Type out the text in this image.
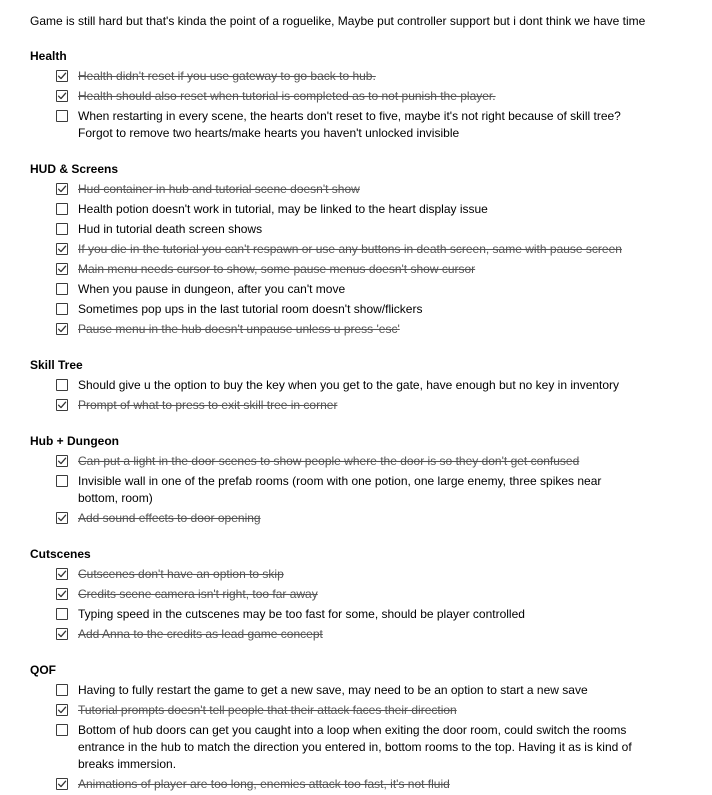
Game is still hard but that's kinda the point of a roguelike, Maybe put controller support but i dont think we have time
Health
Health didn't reset if you use gateway to go back to hub.
Health should also reset when tutorial is completed as to not punish the player.
When restarting in every scene, the hearts don't reset to five, maybe it's not right because of skill tree? Forgot to remove two hearts/make hearts you haven't unlocked invisible
HUD & Screens
Hud container in hub and tutorial scene doesn't show
Health potion doesn't work in tutorial, may be linked to the heart display issue
Hud in tutorial death screen shows
If you die in the tutorial you can't respawn or use any buttons in death screen, same with pause screen
Main menu needs cursor to show, some pause menus doesn't show cursor
When you pause in dungeon, after you can't move
Sometimes pop ups in the last tutorial room doesn't show/flickers
Pause menu in the hub doesn't unpause unless u press 'esc'
Skill Tree
Should give u the option to buy the key when you get to the gate, have enough but no key in inventory
Prompt of what to press to exit skill tree in corner
Hub + Dungeon
Can put a light in the door scenes to show people where the door is so they don't get confused
Invisible wall in one of the prefab rooms (room with one potion, one large enemy, three spikes near bottom, room)
Add sound effects to door opening
Cutscenes
Cutscenes don't have an option to skip
Credits scene camera isn't right, too far away
Typing speed in the cutscenes may be too fast for some, should be player controlled
Add Anna to the credits as lead game concept
QOF
Having to fully restart the game to get a new save, may need to be an option to start a new save
Tutorial prompts doesn't tell people that their attack faces their direction
Bottom of hub doors can get you caught into a loop when exiting the door room, could switch the rooms entrance in the hub to match the direction you entered in, bottom rooms to the top. Having it as is kind of breaks immersion.
Animations of player are too long, enemies attack too fast, it's not fluid
